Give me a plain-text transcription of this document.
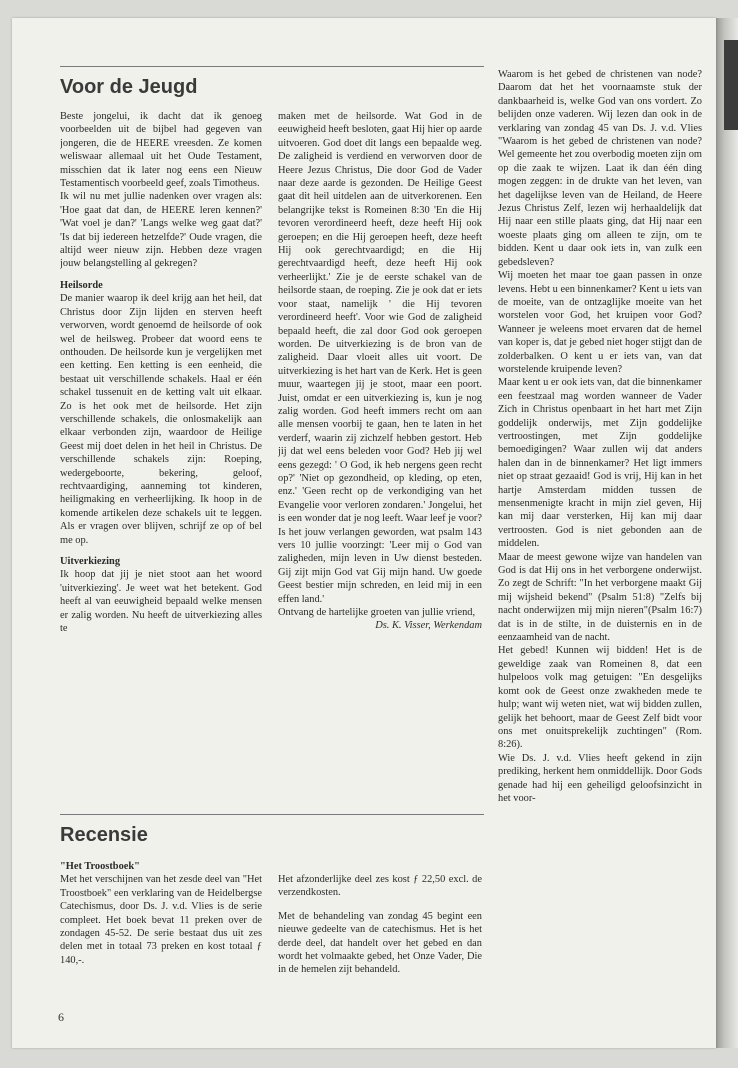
Voor de Jeugd

Beste jongelui, ik dacht dat ik genoeg voorbeelden uit de bijbel had gegeven van jongeren, die de HEERE vreesden. Ze komen weliswaar allemaal uit het Oude Testament, misschien dat ik later nog eens een Nieuw Testamentisch voorbeeld geef, zoals Timotheus.

Ik wil nu met jullie nadenken over vragen als: 'Hoe gaat dat dan, de HEERE leren kennen?' 'Wat voel je dan?' 'Langs welke weg gaat dat?' 'Is dat bij iedereen hetzelfde?' Oude vragen, die altijd weer nieuw zijn. Hebben deze vragen jouw belangstelling al gekregen?

Heilsorde

De manier waarop ik deel krijg aan het heil, dat Christus door Zijn lijden en sterven heeft verworven, wordt genoemd de heilsorde of ook wel de heilsweg. Probeer dat woord eens te onthouden. De heilsorde kun je vergelijken met een ketting. Een ketting is een eenheid, die bestaat uit verschillende schakels. Haal er één schakel tussenuit en de ketting valt uit elkaar. Zo is het ook met de heilsorde. Het zijn verschillende schakels, die onlosmakelijk aan elkaar verbonden zijn, waardoor de Heilige Geest mij doet delen in het heil in Christus. De verschillende schakels zijn: Roeping, wedergeboorte, bekering, geloof, rechtvaardiging, aanneming tot kinderen, heiligmaking en verheerlijking. Ik hoop in de komende artikelen deze schakels uit te leggen. Als er vragen over blijven, schrijf ze op of bel me op.

Uitverkiezing

Ik hoop dat jij je niet stoot aan het woord 'uitverkiezing'. Je weet wat het betekent. God heeft al van eeuwigheid bepaald welke mensen er zalig worden. Nu heeft de uitverkiezing alles te

maken met de heilsorde. Wat God in de eeuwigheid heeft besloten, gaat Hij hier op aarde uitvoeren. God doet dit langs een bepaalde weg. De zaligheid is verdiend en verworven door de Heere Jezus Christus, Die door God de Vader naar deze aarde is gezonden. De Heilige Geest gaat dit heil uitdelen aan de uitverkorenen. Een belangrijke tekst is Romeinen 8:30 'En die Hij tevoren verordineerd heeft, deze heeft Hij ook geroepen; en die Hij geroepen heeft, deze heeft Hij ook gerechtvaardigd; en die Hij gerechtvaardigd heeft, deze heeft Hij ook verheerlijkt.' Zie je de eerste schakel van de heilsorde staan, de roeping. Zie je ook dat er iets voor staat, namelijk ' die Hij tevoren verordineerd heeft'. Voor wie God de zaligheid bepaald heeft, die zal door God ook geroepen worden. De uitverkiezing is de bron van de zaligheid. Daar vloeit alles uit voort. De uitverkiezing is het hart van de Kerk. Het is geen muur, waartegen jij je stoot, maar een poort. Juist, omdat er een uitverkiezing is, kun je nog zalig worden. God heeft immers recht om aan alle mensen voorbij te gaan, hen te laten in het verderf, waarin zij zichzelf hebben gestort. Heb jij dat wel eens beleden voor God? Heb jij wel eens gezegd: ' O God, ik heb nergens geen recht op?' 'Niet op gezondheid, op kleding, op eten, enz.' 'Geen recht op de verkondiging van het Evangelie voor verloren zondaren.' Jongelui, het is een wonder dat je nog leeft. Waar leef je voor? Is het jouw verlangen geworden, wat psalm 143 vers 10 jullie voorzingt: 'Leer mij o God van zaligheden, mijn leven in Uw dienst besteden. Gij zijt mijn God vat Gij mijn hand. Uw goede Geest bestier mijn schreden, en leid mij in een effen land.'

Ontvang de hartelijke groeten van jullie vriend,

Ds. K. Visser, Werkendam

Waarom is het gebed de christenen van node? Daarom dat het het voornaamste stuk der dankbaarheid is, welke God van ons vordert. Zo belijden onze vaderen. Wij lezen dan ook in de verklaring van zondag 45 van Ds. J. v.d. Vlies "Waarom is het gebed de christenen van node? Wel gemeente het zou overbodig moeten zijn om op die zaak te wijzen. Laat ik dan één ding mogen zeggen: in de drukte van het leven, van het dagelijkse leven van de Heiland, de Heere Jezus Christus Zelf, lezen wij herhaaldelijk dat Hij naar een stille plaats ging, dat Hij naar een woeste plaats ging om alleen te zijn, om te bidden. Kent u daar ook iets in, van zulk een gebedsleven?

Wij moeten het maar toe gaan passen in onze levens. Hebt u een binnenkamer? Kent u iets van de moeite, van de ontzaglijke moeite van het worstelen voor God, het kruipen voor God? Wanneer je weleens moet ervaren dat de hemel van koper is, dat je gebed niet hoger stijgt dan de zolderbalken. O kent u er iets van, van dat worstelende kruipende leven?

Maar kent u er ook iets van, dat die binnenkamer een feestzaal mag worden wanneer de Vader Zich in Christus openbaart in het hart met Zijn goddelijk onderwijs, met Zijn goddelijke vertroostingen, met Zijn goddelijke bemoedigingen? Waar zullen wij dat anders halen dan in de binnenkamer? Het ligt immers niet op straat gezaaid! God is vrij, Hij kan in het hartje Amsterdam midden tussen de mensenmenigte kracht in mijn ziel geven, Hij kan mij daar versterken, Hij kan mij daar vertroosten. God is niet gebonden aan de middelen.

Maar de meest gewone wijze van handelen van God is dat Hij ons in het verborgene onderwijst. Zo zegt de Schrift: "In het verborgene maakt Gij mij wijsheid bekend" (Psalm 51:8) "Zelfs bij nacht onderwijzen mij mijn nieren"(Psalm 16:7) dat is in de stilte, in de duisternis en in de eenzaamheid van de nacht.

Het gebed! Kunnen wij bidden! Het is de geweldige zaak van Romeinen 8, dat een hulpeloos volk mag getuigen: "En desgelijks komt ook de Geest onze zwakheden mede te hulp; want wij weten niet, wat wij bidden zullen, gelijk het behoort, maar de Geest Zelf bidt voor ons met onuitsprekelijk zuchtingen" (Rom. 8:26).

Wie Ds. J. v.d. Vlies heeft gekend in zijn prediking, herkent hem onmiddellijk. Door Gods genade had hij een geheiligd geloofsinzicht in het voor-

Recensie

"Het Troostboek"

Met het verschijnen van het zesde deel van "Het Troostboek" een verklaring van de Heidelbergse Catechismus, door Ds. J. v.d. Vlies is de serie compleet. Het boek bevat 11 preken over de zondagen 45-52. De serie bestaat dus uit zes delen met in totaal 73 preken en kost totaal ƒ 140,-.

Het afzonderlijke deel zes kost ƒ 22,50 excl. de verzendkosten.

Met de behandeling van zondag 45 begint een nieuwe gedeelte van de catechismus. Het is het derde deel, dat handelt over het gebed en dan wordt het volmaakte gebed, het Onze Vader, Die in de hemelen zijt behandeld.

6
